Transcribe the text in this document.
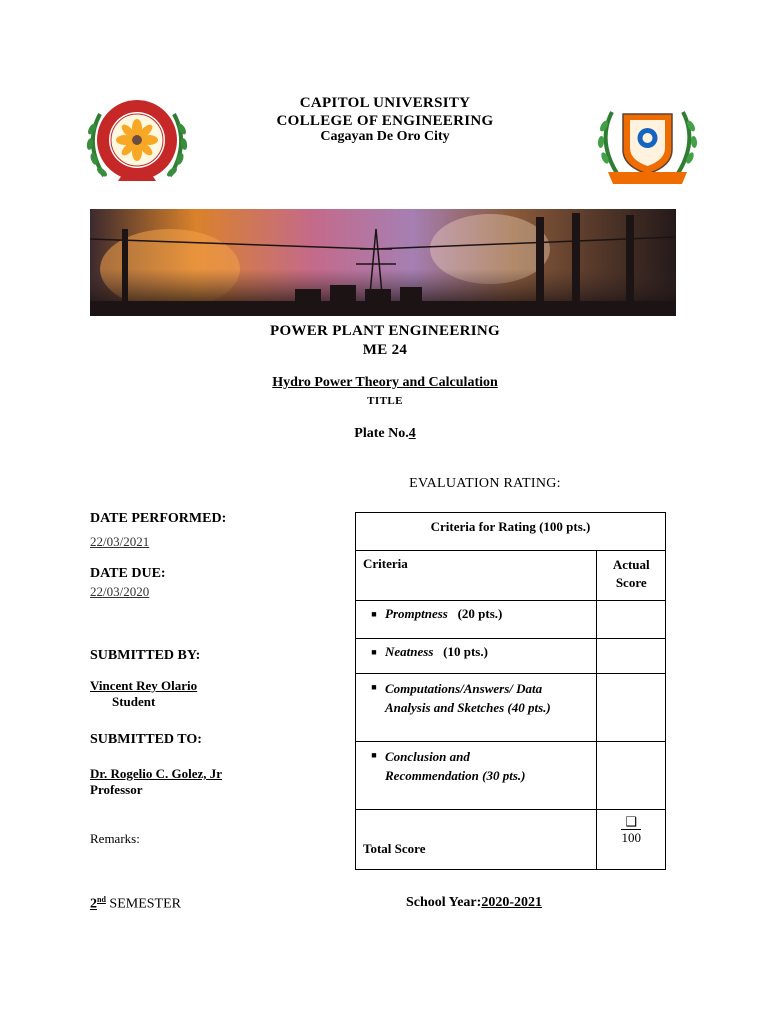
CAPITOL UNIVERSITY
COLLEGE OF ENGINEERING
Cagayan De Oro City
POWER PLANT ENGINEERING
ME 24
Hydro Power Theory and Calculation
TITLE
Plate No.4
EVALUATION RATING:
DATE PERFORMED:
22/03/2021
DATE DUE:
22/03/2020
SUBMITTED BY:
Vincent Rey Olario
Student
SUBMITTED TO:
Dr. Rogelio C. Golez, Jr
Professor
Remarks:
Criteria for Rating (100 pts.)	
Criteria	Actual
Score

■ Promptness (20 pts.)	

■ Neatness (10 pts.)	

■ Computations/Answers/ Data Analysis and Sketches (40 pts.)	

■ Conclusion and Recommendation (30 pts.)	

Total Score	$\frac{❑}{100}$
2nd SEMESTER	School Year:2020-2021
